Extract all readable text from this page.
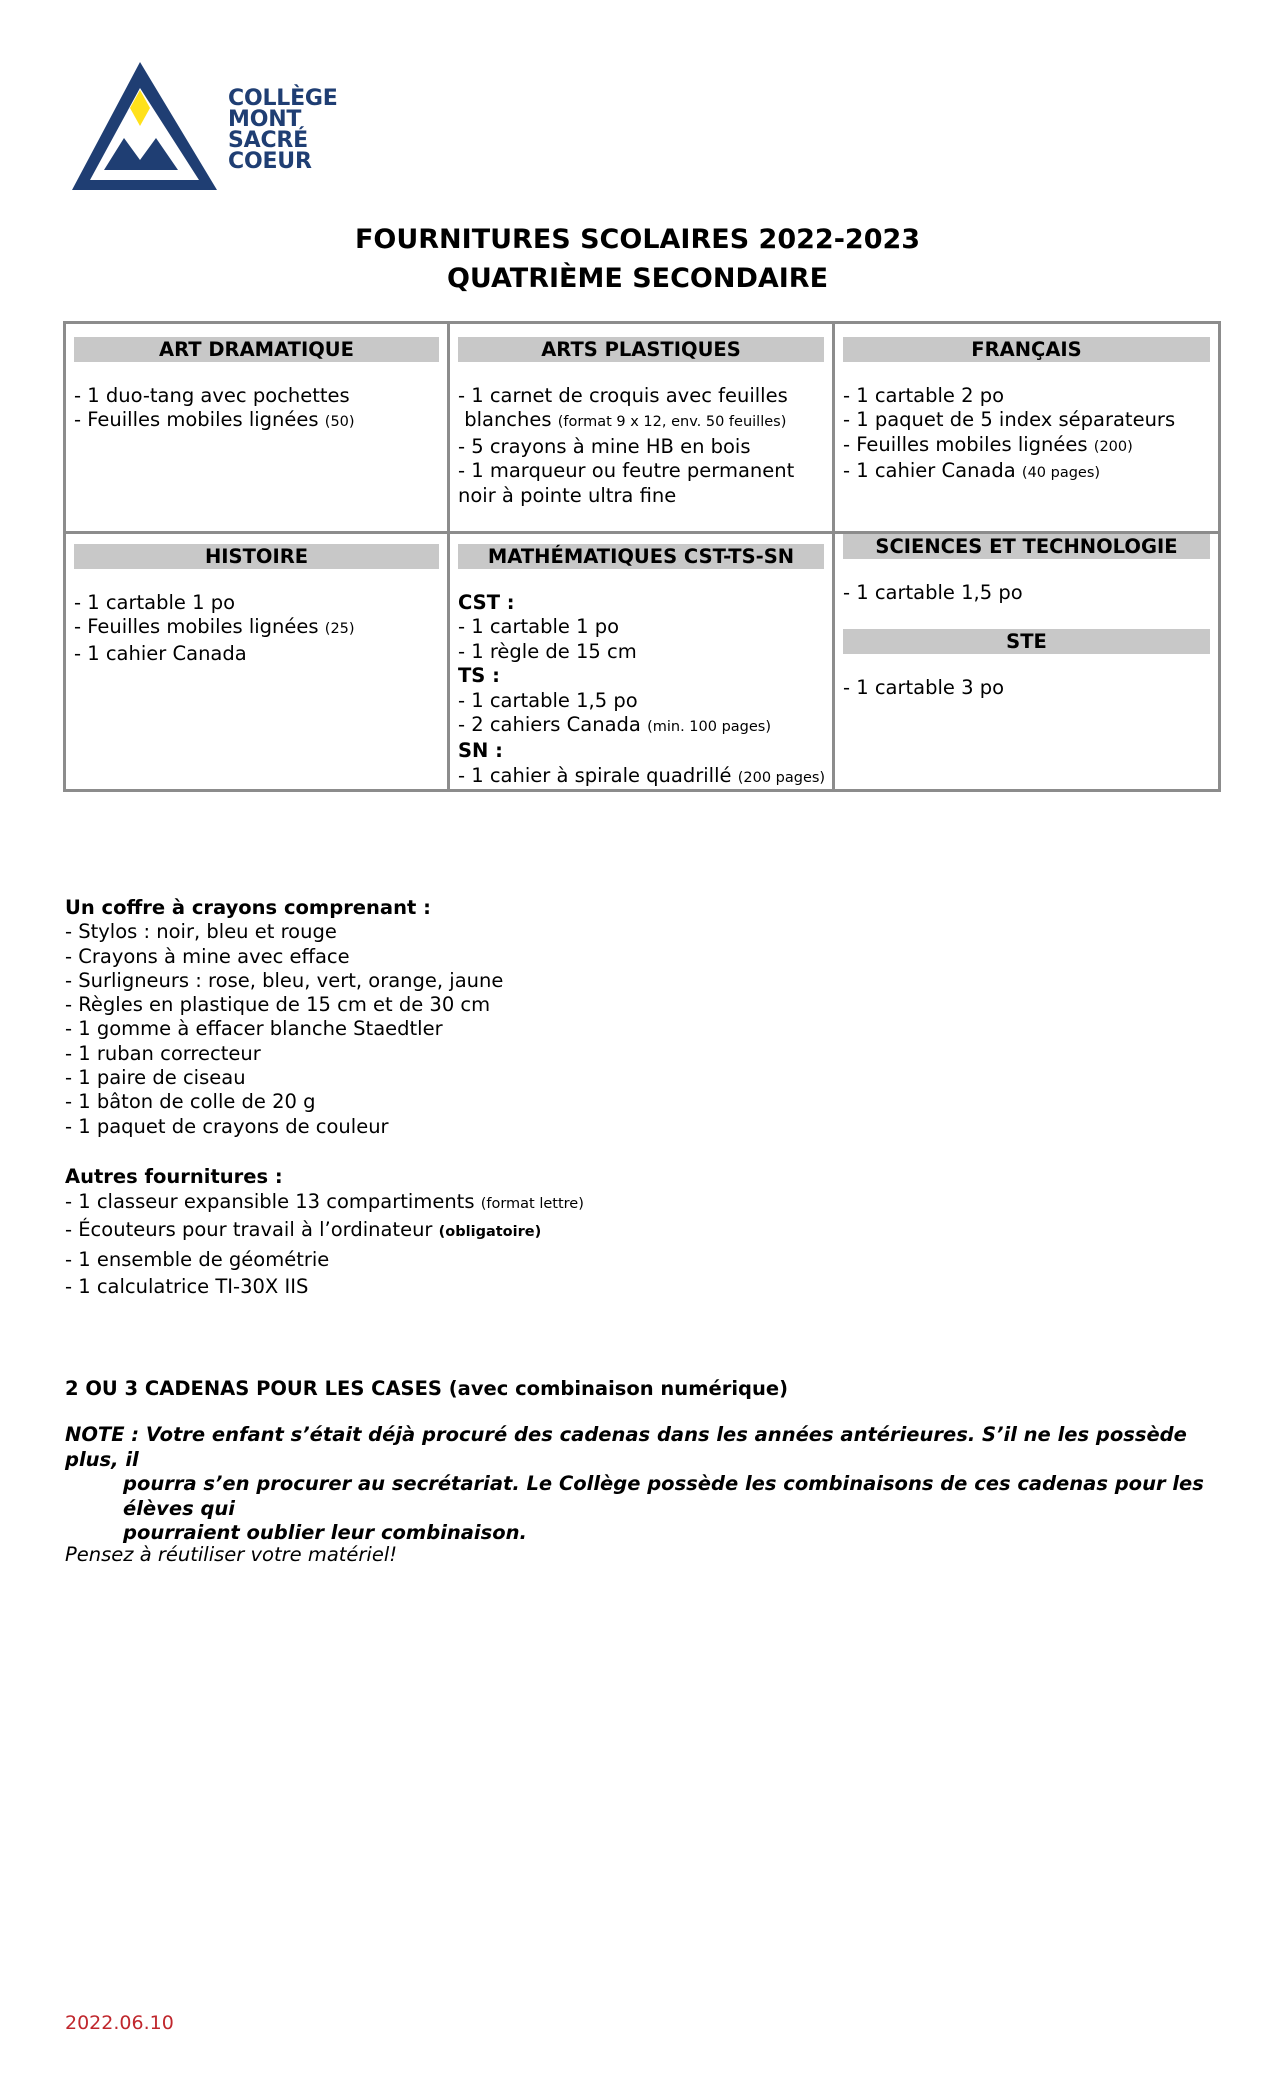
COLLÈGE
MONT
SACRÉ
COEUR
FOURNITURES SCOLAIRES 2022-2023
QUATRIÈME SECONDAIRE
ART DRAMATIQUE
- 1 duo-tang avec pochettes
- Feuilles mobiles lignées (50)
ARTS PLASTIQUES
- 1 carnet de croquis avec feuilles
blanches (format 9 x 12, env. 50 feuilles)
- 5 crayons à mine HB en bois
- 1 marqueur ou feutre permanent
noir à pointe ultra fine
FRANÇAIS
- 1 cartable 2 po
- 1 paquet de 5 index séparateurs
- Feuilles mobiles lignées (200)
- 1 cahier Canada (40 pages)
HISTOIRE
- 1 cartable 1 po
- Feuilles mobiles lignées (25)
- 1 cahier Canada
MATHÉMATIQUES CST-TS-SN
CST :
- 1 cartable 1 po
- 1 règle de 15 cm
TS :
- 1 cartable 1,5 po
- 2 cahiers Canada (min. 100 pages)
SN :
- 1 cahier à spirale quadrillé (200 pages)
SCIENCES ET TECHNOLOGIE
- 1 cartable 1,5 po
STE
- 1 cartable 3 po
Un coffre à crayons comprenant :
- Stylos : noir, bleu et rouge
- Crayons à mine avec efface
- Surligneurs : rose, bleu, vert, orange, jaune
- Règles en plastique de 15 cm et de 30 cm
- 1 gomme à effacer blanche Staedtler
- 1 ruban correcteur
- 1 paire de ciseau
- 1 bâton de colle de 20 g
- 1 paquet de crayons de couleur
Autres fournitures :
- 1 classeur expansible 13 compartiments (format lettre)
- Écouteurs pour travail à l’ordinateur (obligatoire)
- 1 ensemble de géométrie
- 1 calculatrice TI-30X IIS
2 OU 3 CADENAS POUR LES CASES (avec combinaison numérique)
NOTE : Votre enfant s’était déjà procuré des cadenas dans les années antérieures. S’il ne les possède plus, il
pourra s’en procurer au secrétariat. Le Collège possède les combinaisons de ces cadenas pour les élèves qui
pourraient oublier leur combinaison.
Pensez à réutiliser votre matériel!
2022.06.10
